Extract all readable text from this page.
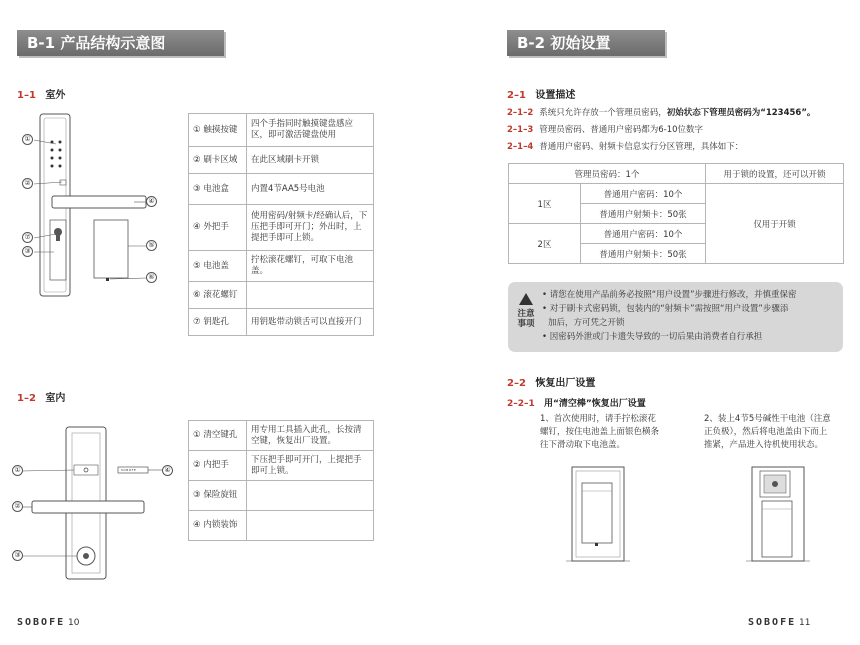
B-1 产品结构示意图
1–1 室外
①
②
③
④
⑤
⑥
⑦
① 触摸按键	四个手指同时触摸键盘感应区，即可激活键盘使用
② 刷卡区域	在此区域刷卡开锁
③ 电池盒	内置4节AA5号电池
④ 外把手	使用密码/射频卡/经确认后，下压把手即可开门；外出时，上提把手即可上锁。
⑤ 电池盖	拧松滚花螺钉，可取下电池盖。
⑥ 滚花螺钉	
⑦ 钥匙孔	用钥匙带动锁舌可以直接开门
1–2 室内
①
②
③
④
SOBOFE
① 清空键孔	用专用工具插入此孔，长按清空键，恢复出厂设置。
② 内把手	下压把手即可开门，上提把手即可上锁。
③ 保险旋钮	
④ 内锁装饰	
SOBOFE 10
B-2 初始设置
2–1 设置描述
2–1–2 系统只允许存放一个管理员密码，初始状态下管理员密码为“123456”。
2–1–3 管理员密码、普通用户密码都为6-10位数字
2–1–4 普通用户密码、射频卡信息实行分区管理，具体如下：
管理员密码：1个		用于锁的设置，还可以开锁
1区	普通用户密码：10个	仅用于开锁
	普通用户射频卡：50张	
2区	普通用户密码：10个	
	普通用户射频卡：50张	
注意事项
• 请您在使用产品前务必按照“用户设置”步骤进行修改，并慎重保密
• 对于刷卡式密码锁，包装内的“射频卡”需按照“用户设置”步骤添
加后，方可凭之开锁
• 因密码外泄或门卡遗失导致的一切后果由消费者自行承担
2–2 恢复出厂设置
2–2–1 用“清空棒”恢复出厂设置
1、首次使用时，请手拧松滚花
螺钉，按住电池盖上面银色横条
往下滑动取下电池盖。
2、装上4节5号碱性干电池（注意
正负极），然后将电池盖由下而上
推紧，产品进入待机使用状态。
SOBOFE 11
